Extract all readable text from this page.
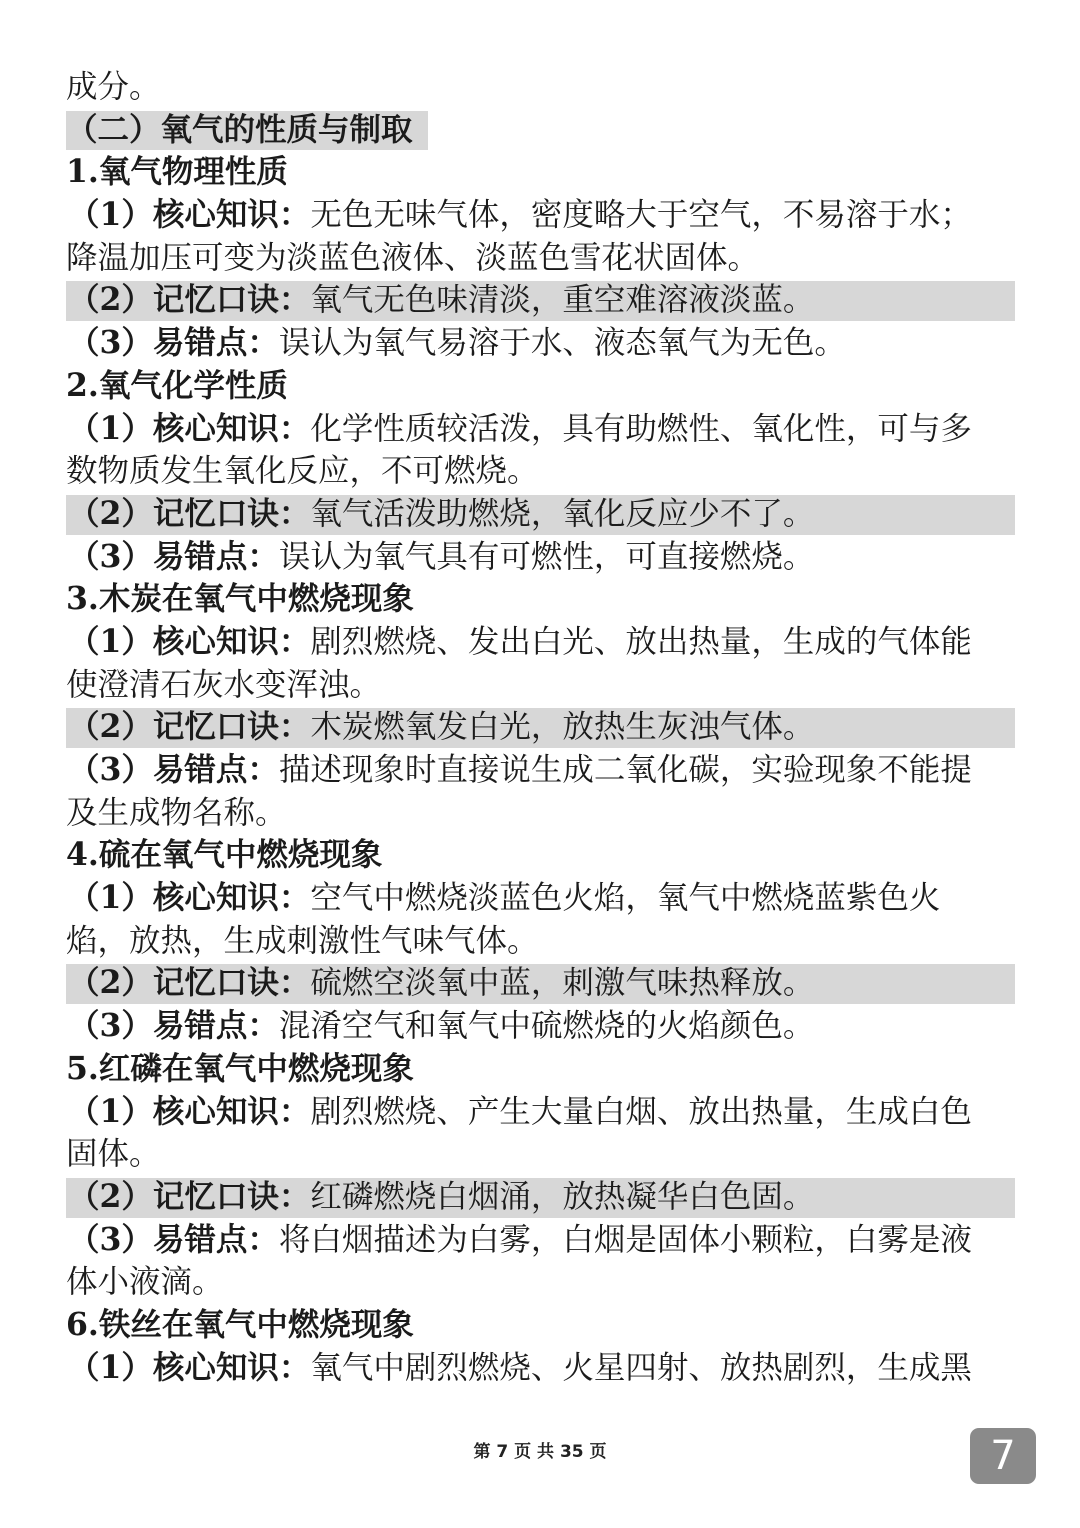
成分。
（二）氧气的性质与制取
1.氧气物理性质
（1）核心知识：无色无味气体，密度略大于空气，不易溶于水；
降温加压可变为淡蓝色液体、淡蓝色雪花状固体。
（2）记忆口诀：氧气无色味清淡，重空难溶液淡蓝。
（3）易错点：误认为氧气易溶于水、液态氧气为无色。
2.氧气化学性质
（1）核心知识：化学性质较活泼，具有助燃性、氧化性，可与多
数物质发生氧化反应，不可燃烧。
（2）记忆口诀：氧气活泼助燃烧，氧化反应少不了。
（3）易错点：误认为氧气具有可燃性，可直接燃烧。
3.木炭在氧气中燃烧现象
（1）核心知识：剧烈燃烧、发出白光、放出热量，生成的气体能
使澄清石灰水变浑浊。
（2）记忆口诀：木炭燃氧发白光，放热生灰浊气体。
（3）易错点：描述现象时直接说生成二氧化碳，实验现象不能提
及生成物名称。
4.硫在氧气中燃烧现象
（1）核心知识：空气中燃烧淡蓝色火焰，氧气中燃烧蓝紫色火
焰，放热，生成刺激性气味气体。
（2）记忆口诀：硫燃空淡氧中蓝，刺激气味热释放。
（3）易错点：混淆空气和氧气中硫燃烧的火焰颜色。
5.红磷在氧气中燃烧现象
（1）核心知识：剧烈燃烧、产生大量白烟、放出热量，生成白色
固体。
（2）记忆口诀：红磷燃烧白烟涌，放热凝华白色固。
（3）易错点：将白烟描述为白雾，白烟是固体小颗粒，白雾是液
体小液滴。
6.铁丝在氧气中燃烧现象
（1）核心知识：氧气中剧烈燃烧、火星四射、放热剧烈，生成黑
第 7 页 共 35 页	7
